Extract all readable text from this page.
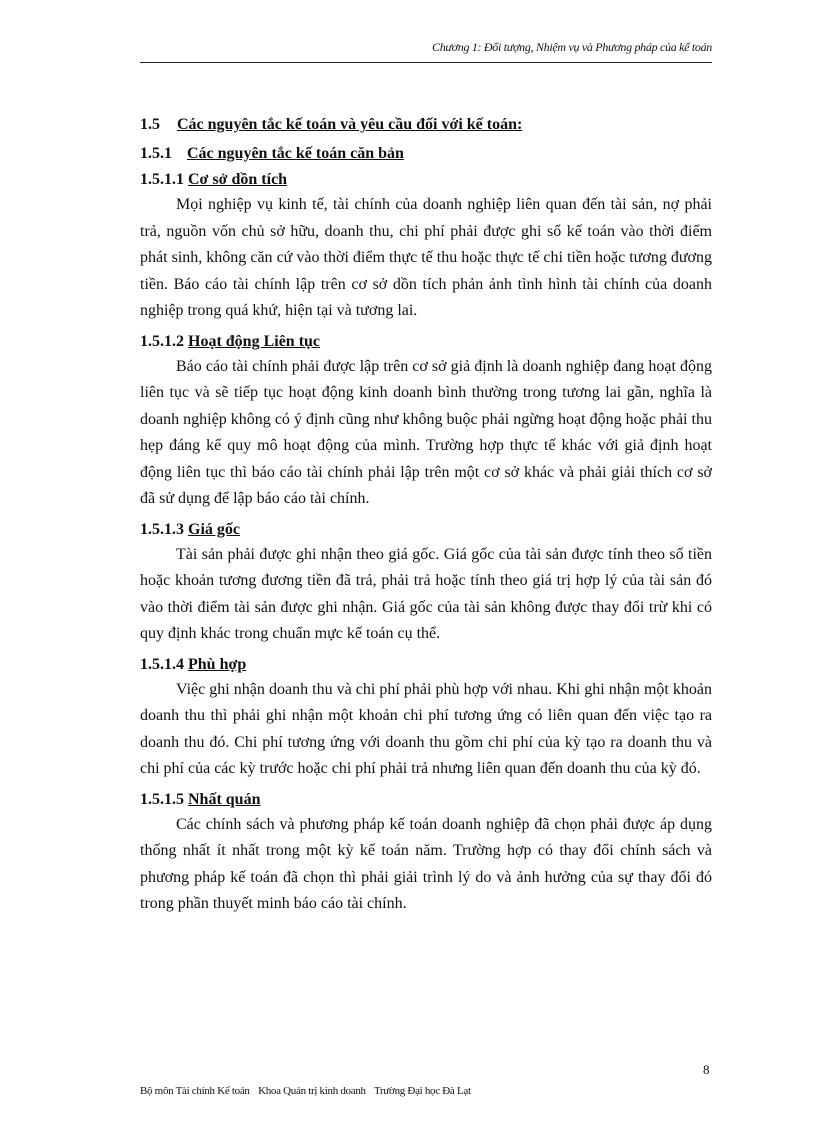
Chương 1: Đối tượng, Nhiệm vụ và Phương pháp của kế toán
1.5 Các nguyên tắc kế toán và yêu cầu đối với kế toán:
1.5.1 Các nguyên tắc kế toán căn bản
1.5.1.1 Cơ sở dồn tích

Mọi nghiệp vụ kinh tế, tài chính của doanh nghiệp liên quan đến tài sản, nợ phải trả, nguồn vốn chủ sở hữu, doanh thu, chi phí phải được ghi sổ kế toán vào thời điểm phát sinh, không căn cứ vào thời điểm thực tế thu hoặc thực tế chi tiền hoặc tương đương tiền. Báo cáo tài chính lập trên cơ sở dồn tích phản ảnh tình hình tài chính của doanh nghiệp trong quá khứ, hiện tại và tương lai.

1.5.1.2 Hoạt động Liên tục

Báo cáo tài chính phải được lập trên cơ sở giả định là doanh nghiệp đang hoạt động liên tục và sẽ tiếp tục hoạt động kinh doanh bình thường trong tương lai gần, nghĩa là doanh nghiệp không có ý định cũng như không buộc phải ngừng hoạt động hoặc phải thu hẹp đáng kể quy mô hoạt động của mình. Trường hợp thực tế khác với giả định hoạt động liên tục thì báo cáo tài chính phải lập trên một cơ sở khác và phải giải thích cơ sở đã sử dụng để lập báo cáo tài chính.

1.5.1.3 Giá gốc

Tài sản phải được ghi nhận theo giá gốc. Giá gốc của tài sản được tính theo số tiền hoặc khoản tương đương tiền đã trả, phải trả hoặc tính theo giá trị hợp lý của tài sản đó vào thời điểm tài sản được ghi nhận. Giá gốc của tài sản không được thay đổi trừ khi có quy định khác trong chuẩn mực kế toán cụ thể.

1.5.1.4 Phù hợp

Việc ghi nhận doanh thu và chi phí phải phù hợp với nhau. Khi ghi nhận một khoản doanh thu thì phải ghi nhận một khoản chi phí tương ứng có liên quan đến việc tạo ra doanh thu đó. Chi phí tương ứng với doanh thu gồm chi phí của kỳ tạo ra doanh thu và chi phí của các kỳ trước hoặc chi phí phải trả nhưng liên quan đến doanh thu của kỳ đó.

1.5.1.5 Nhất quán

Các chính sách và phương pháp kế toán doanh nghiệp đã chọn phải được áp dụng thống nhất ít nhất trong một kỳ kế toán năm. Trường hợp có thay đổi chính sách và phương pháp kế toán đã chọn thì phải giải trình lý do và ảnh hưởng của sự thay đổi đó trong phần thuyết minh báo cáo tài chính.

8
Bộ môn Tài chính Kế toán Khoa Quản trị kinh doanh Trường Đại học Đà Lạt
